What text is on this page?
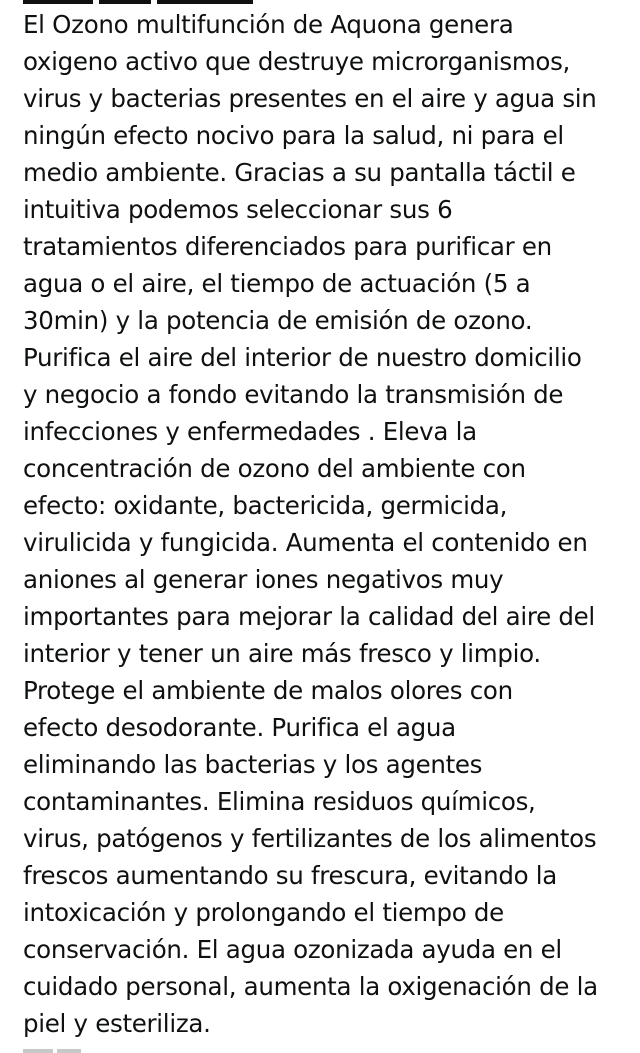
El Ozono multifunción de Aquona genera
oxigeno activo que destruye microrganismos,
virus y bacterias presentes en el aire y agua sin
ningún efecto nocivo para la salud, ni para el
medio ambiente. Gracias a su pantalla táctil e
intuitiva podemos seleccionar sus 6
tratamientos diferenciados para purificar en
agua o el aire, el tiempo de actuación (5 a
30min) y la potencia de emisión de ozono.
Purifica el aire del interior de nuestro domicilio
y negocio a fondo evitando la transmisión de
infecciones y enfermedades . Eleva la
concentración de ozono del ambiente con
efecto: oxidante, bactericida, germicida,
virulicida y fungicida. Aumenta el contenido en
aniones al generar iones negativos muy
importantes para mejorar la calidad del aire del
interior y tener un aire más fresco y limpio.
Protege el ambiente de malos olores con
efecto desodorante. Purifica el agua
eliminando las bacterias y los agentes
contaminantes. Elimina residuos químicos,
virus, patógenos y fertilizantes de los alimentos
frescos aumentando su frescura, evitando la
intoxicación y prolongando el tiempo de
conservación. El agua ozonizada ayuda en el
cuidado personal, aumenta la oxigenación de la
piel y esteriliza.
